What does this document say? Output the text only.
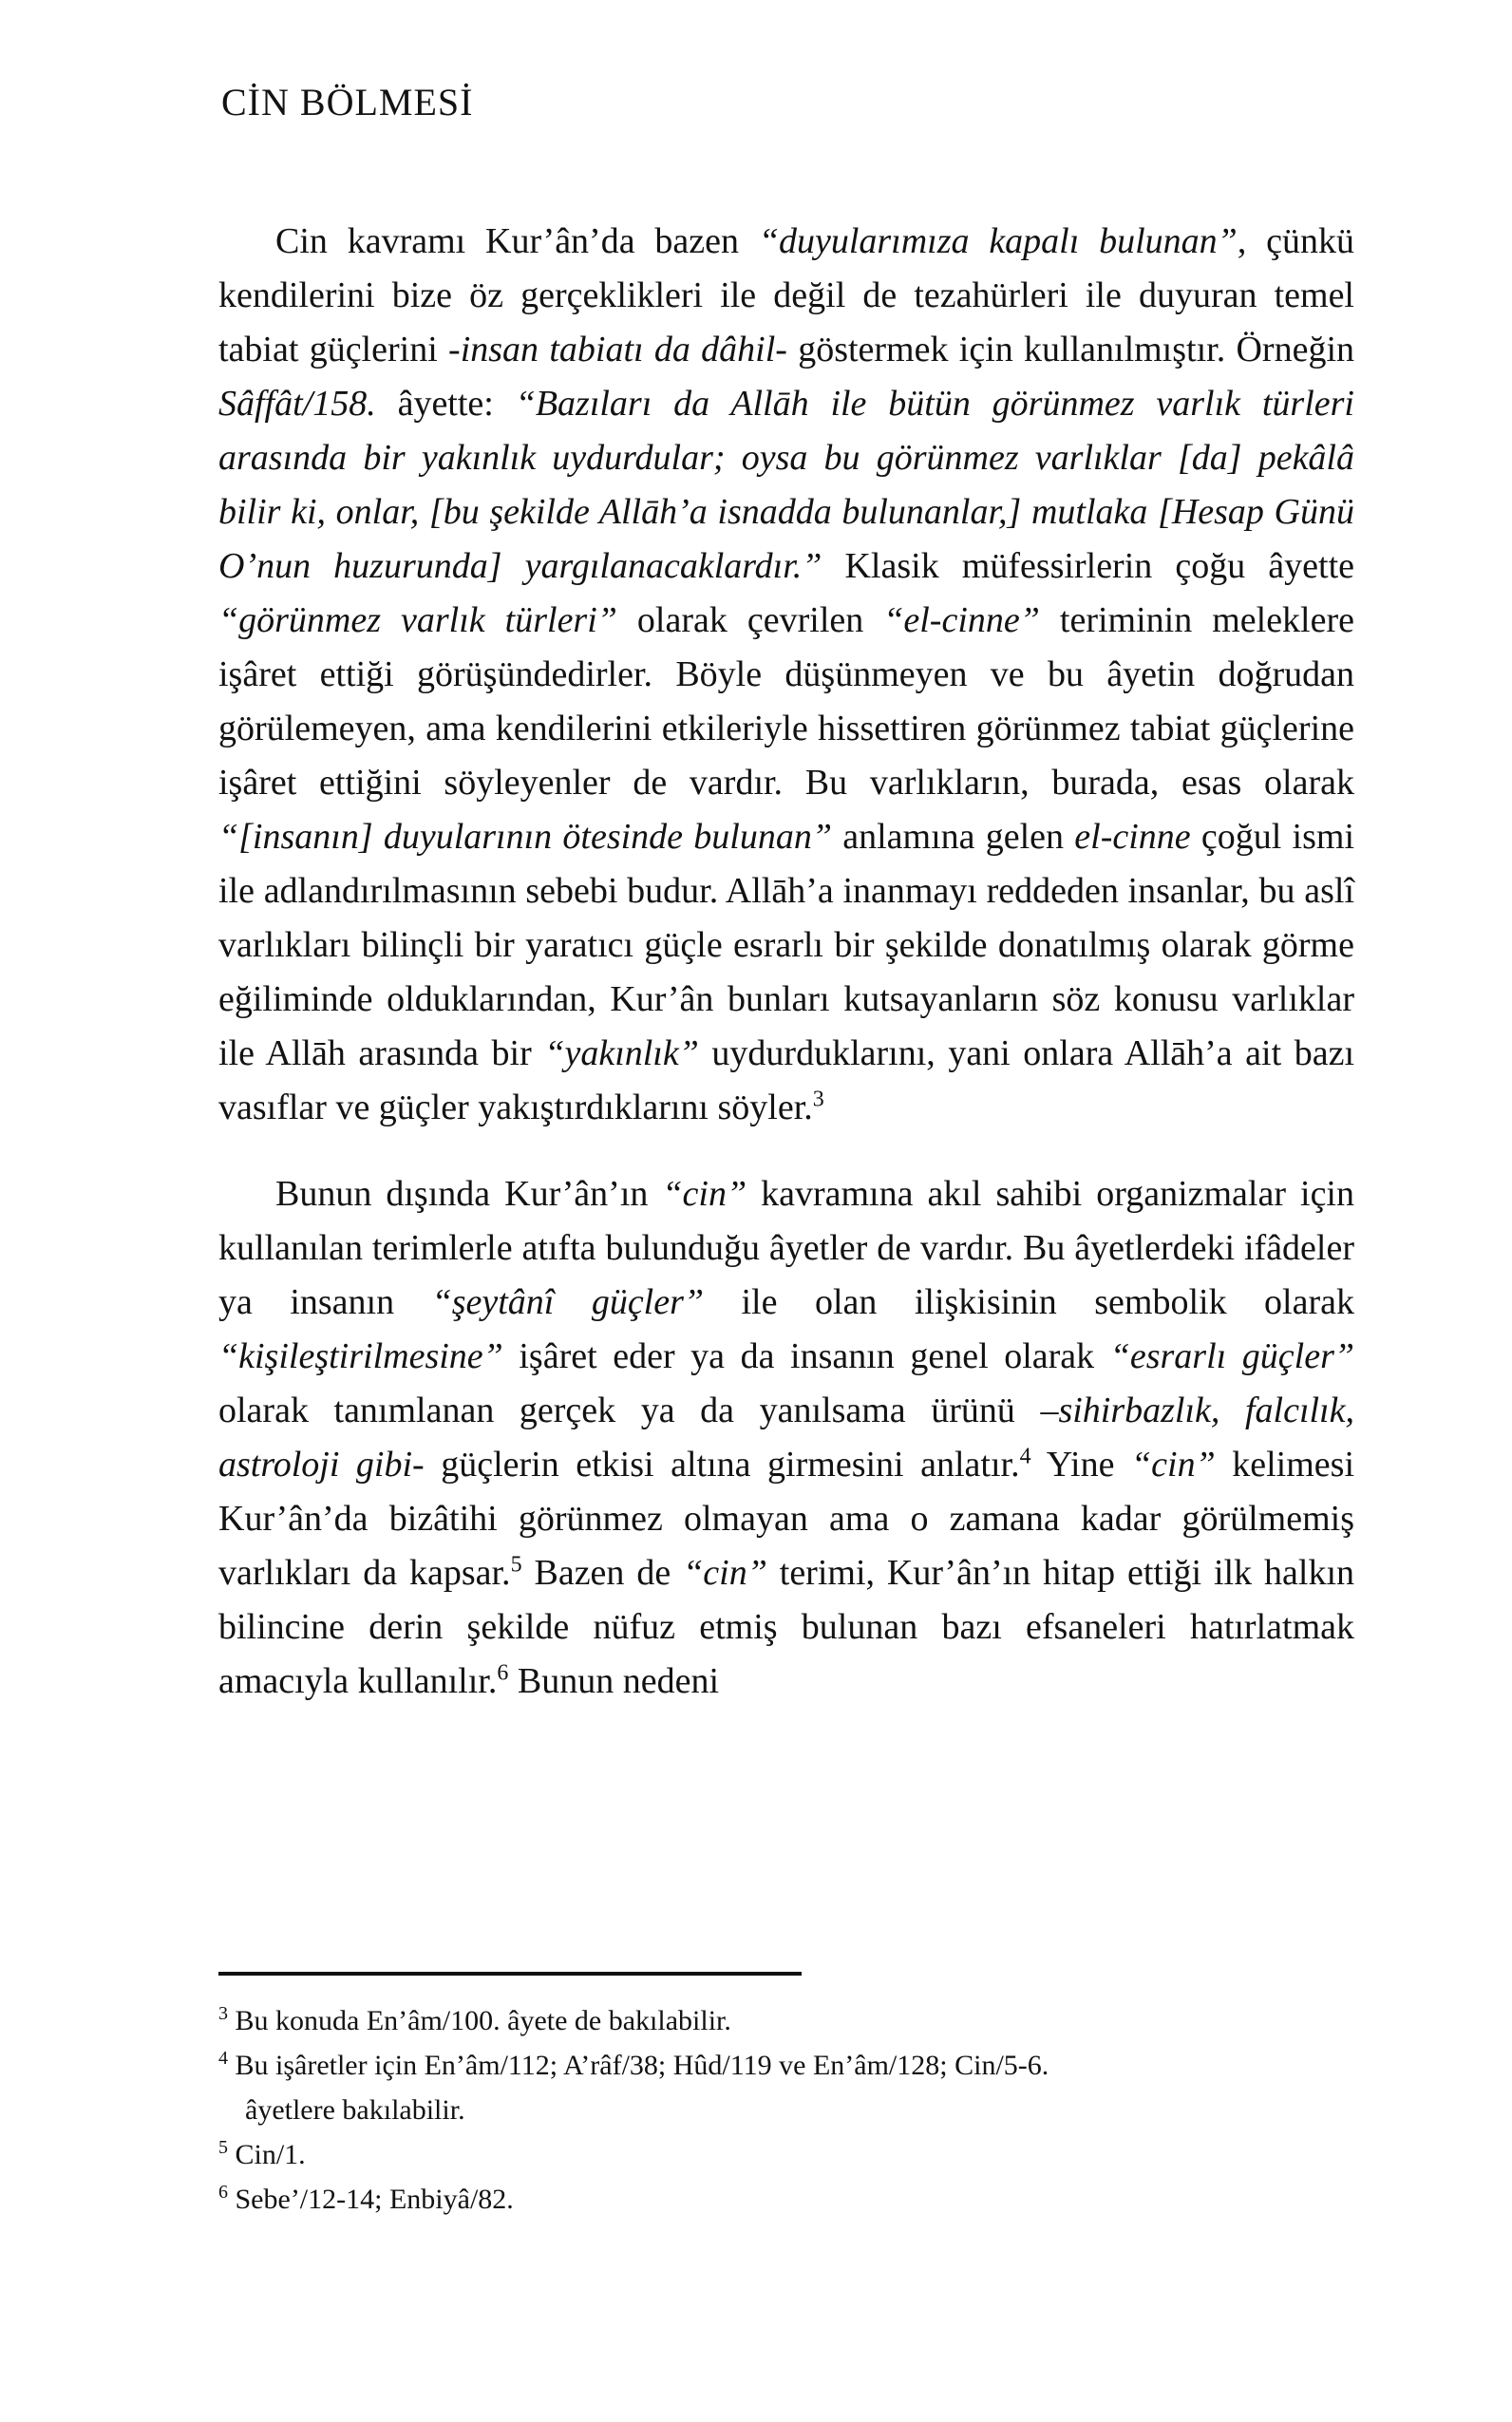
CİN BÖLMESİ

Cin kavramı Kur’ân’da bazen “duyularımıza kapalı bulunan”, çünkü kendilerini bize öz gerçeklikleri ile değil de tezahürleri ile duyuran temel tabiat güçlerini -insan tabiatı da dâhil- göstermek için kullanılmıştır. Örneğin Sâffât/158. âyette: “Bazıları da Allāh ile bütün görünmez varlık türleri arasında bir yakınlık uydurdular; oysa bu görünmez varlıklar [da] pekâlâ bilir ki, onlar, [bu şekilde Allāh’a isnadda bulunanlar,] mutlaka [Hesap Günü O’nun huzurunda] yargılanacaklardır.” Klasik müfessirlerin çoğu âyette “görünmez varlık türleri” olarak çevrilen “el-cinne” teriminin meleklere işâret ettiği görüşündedirler. Böyle düşünmeyen ve bu âyetin doğrudan görülemeyen, ama kendilerini etkileriyle hissettiren görünmez tabiat güçlerine işâret ettiğini söyleyenler de vardır. Bu varlıkların, burada, esas olarak “[insanın] duyularının ötesinde bulunan” anlamına gelen el-cinne çoğul ismi ile adlandırılmasının sebebi budur. Allāh’a inanmayı reddeden insanlar, bu aslî varlıkları bilinçli bir yaratıcı güçle esrarlı bir şekilde donatılmış olarak görme eğiliminde olduklarından, Kur’ân bunları kutsayanların söz konusu varlıklar ile Allāh arasında bir “yakınlık” uydurduklarını, yani onlara Allāh’a ait bazı vasıflar ve güçler yakıştırdıklarını söyler.$^3$

Bunun dışında Kur’ân’ın “cin” kavramına akıl sahibi organizmalar için kullanılan terimlerle atıfta bulunduğu âyetler de vardır. Bu âyetlerdeki ifâdeler ya insanın “şeytânî güçler” ile olan ilişkisinin sembolik olarak “kişileştirilmesine” işâret eder ya da insanın genel olarak “esrarlı güçler” olarak tanımlanan gerçek ya da yanılsama ürünü –sihirbazlık, falcılık, astroloji gibi- güçlerin etkisi altına girmesini anlatır.$^4$ Yine “cin” kelimesi Kur’ân’da bizâtihi görünmez olmayan ama o zamana kadar görülmemiş varlıkları da kapsar.$^5$ Bazen de “cin” terimi, Kur’ân’ın hitap ettiği ilk halkın bilincine derin şekilde nüfuz etmiş bulunan bazı efsaneleri hatırlatmak amacıyla kullanılır.$^6$ Bunun nedeni

$^3$ Bu konuda En’âm/100. âyete de bakılabilir.
$^4$ Bu işâretler için En’âm/112; A’râf/38; Hûd/119 ve En’âm/128; Cin/5-6.
âyetlere bakılabilir.
$^5$ Cin/1.
$^6$ Sebe’/12-14; Enbiyâ/82.
